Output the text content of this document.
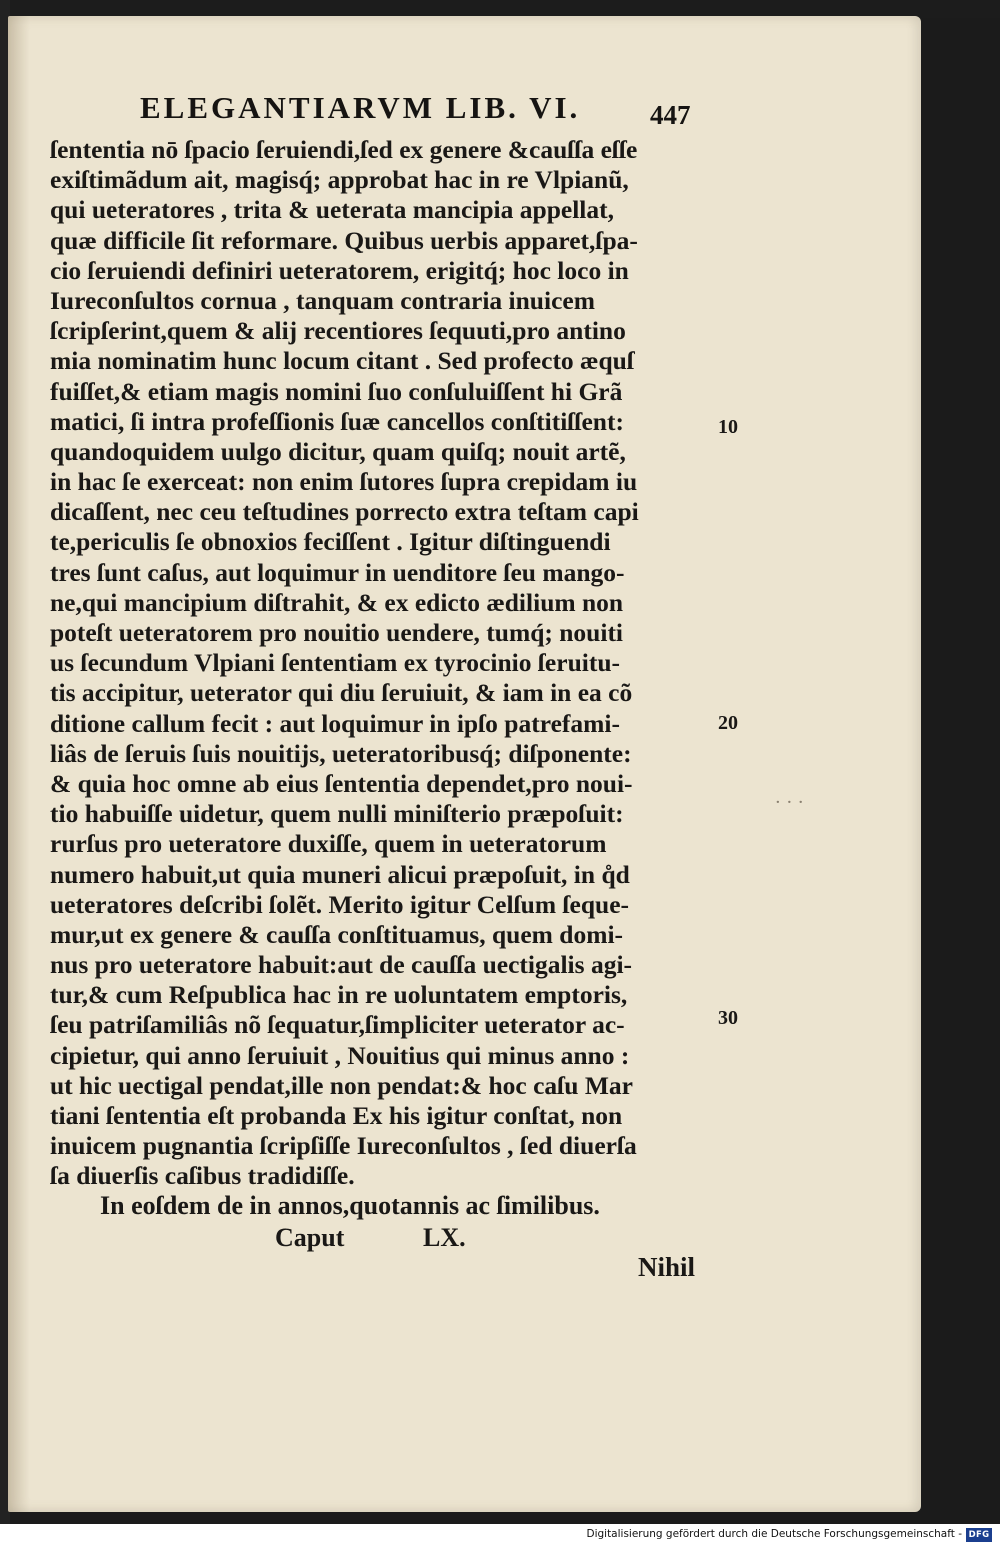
ELEGANTIARVM LIB. VI.	447
ſententia nō ſpacio ſeruiendi,ſed ex genere &cauſſa eſſe
exiſtimãdum ait, magisq́; approbat hac in re Vlpianũ,
qui ueteratores , trita & ueterata mancipia appellat,
quæ difficile ſit reformare. Quibus uerbis apparet,ſpa-
cio ſeruiendi definiri ueteratorem, erigitq́; hoc loco in
Iureconſultos cornua , tanquam contraria inuicem
ſcripſerint,quem & alij recentiores ſequuti,pro antino
mia nominatim hunc locum citant . Sed profecto æquſ
fuiſſet,& etiam magis nomini ſuo conſuluiſſent hi Grã
matici, ſi intra profeſſionis ſuæ cancellos conſtitiſſent:
quandoquidem uulgo dicitur, quam quiſq; nouit artẽ,
in hac ſe exerceat: non enim ſutores ſupra crepidam iu
dicaſſent, nec ceu teſtudines porrecto extra teſtam capi
te,periculis ſe obnoxios feciſſent . Igitur diſtinguendi
tres ſunt caſus, aut loquimur in uenditore ſeu mango-
ne,qui mancipium diſtrahit, & ex edicto ædilium non
poteſt ueteratorem pro nouitio uendere, tumq́; nouiti
us ſecundum Vlpiani ſententiam ex tyrocinio ſeruitu-
tis accipitur, ueterator qui diu ſeruiuit, & iam in ea cõ
ditione callum fecit : aut loquimur in ipſo patrefami-
liâs de ſeruis ſuis nouitijs, ueteratoribusq́; diſponente:
& quia hoc omne ab eius ſententia dependet,pro noui-
tio habuiſſe uidetur, quem nulli miniſterio præpoſuit:
rurſus pro ueteratore duxiſſe, quem in ueteratorum
numero habuit,ut quia muneri alicui præpoſuit, in q̊d
ueteratores deſcribi ſolẽt. Merito igitur Celſum ſeque-
mur,ut ex genere & cauſſa conſtituamus, quem domi-
nus pro ueteratore habuit:aut de cauſſa uectigalis agi-
tur,& cum Reſpublica hac in re uoluntatem emptoris,
ſeu patriſamiliâs nõ ſequatur,ſimpliciter ueterator ac-
cipietur, qui anno ſeruiuit , Nouitius qui minus anno :
ut hic uectigal pendat,ille non pendat:& hoc caſu Mar
tiani ſententia eſt probanda Ex his igitur conſtat, non
inuicem pugnantia ſcripſiſſe Iureconſultos , ſed diuerſa
ſa diuerſis caſibus tradidiſſe.
10
20
30
· · ·
In eoſdem de in annos,quotannis ac ſimilibus.
Caput	LX.
Nihil
Digitalisierung gefördert durch die Deutsche Forschungsgemeinschaft - DFG
